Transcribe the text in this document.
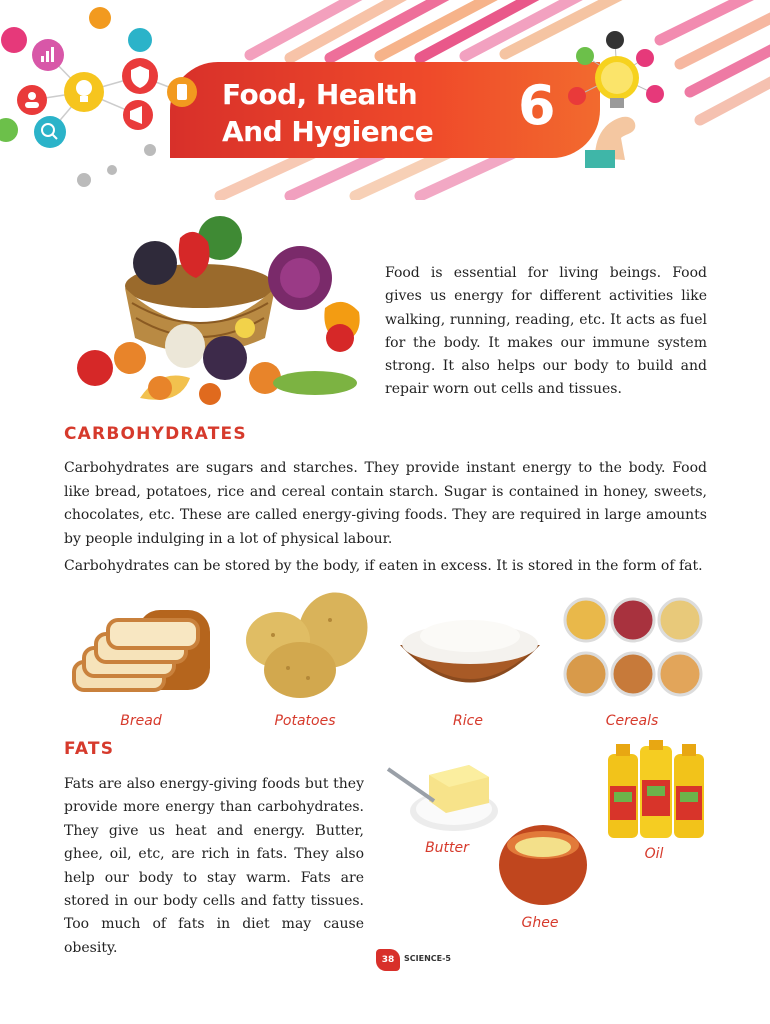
Food, Health
And Hygience	6
Food is essential for living beings. Food gives us energy for different activities like walking, running, reading, etc. It acts as fuel for the body. It makes our immune system strong. It also helps our body to build and repair worn out cells and tissues.
CARBOHYDRATES
Carbohydrates are sugars and starches. They provide instant energy to the body. Food like bread, potatoes, rice and cereal contain starch. Sugar is contained in honey, sweets, chocolates, etc. These are called energy-giving foods. They are required in large amounts by people indulging in a lot of physical labour.
Carbohydrates can be stored by the body, if eaten in excess. It is stored in the form of fat.
Bread	Potatoes	Rice	Cereals
FATS
Fats are also energy-giving foods but they provide more energy than carbohydrates. They give us heat and energy. Butter, ghee, oil, etc, are rich in fats. They also help our body to stay warm. Fats are stored in our body cells and fatty tissues. Too much of fats in diet may cause obesity.
Butter	Oil
Ghee
38	SCIENCE-5
